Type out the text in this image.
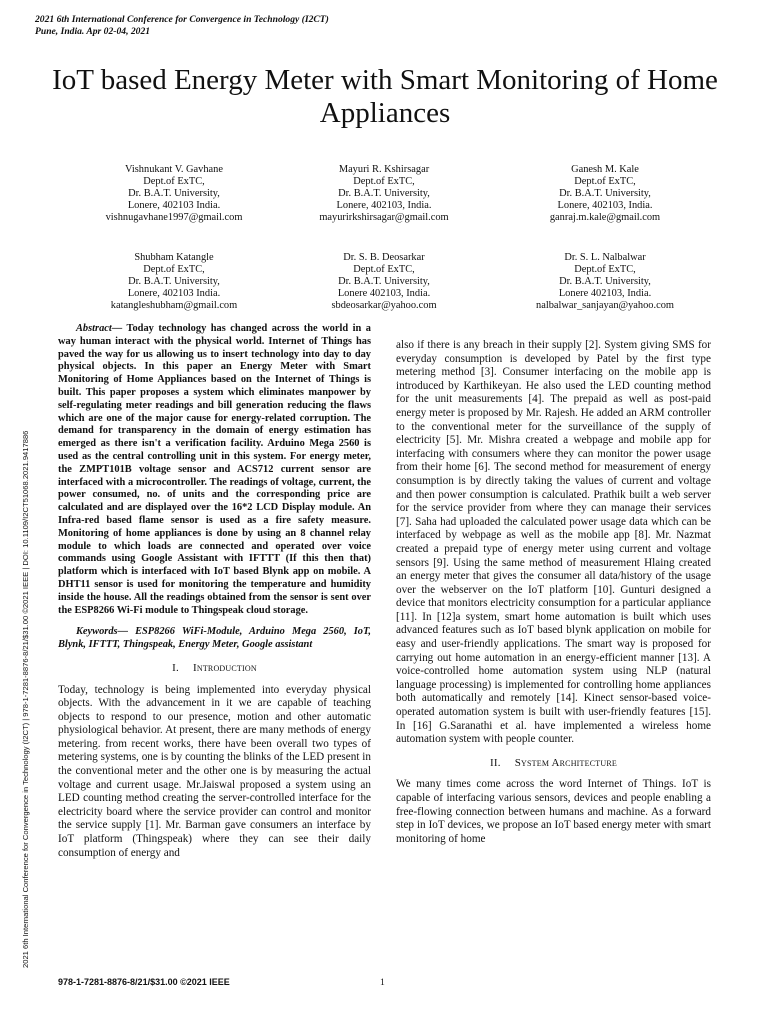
2021 6th International Conference for Convergence in Technology (I2CT)
Pune, India. Apr 02-04, 2021
IoT based Energy Meter with Smart Monitoring of Home Appliances
Vishnukant V. Gavhane
Dept.of ExTC,
Dr. B.A.T. University,
Lonere, 402103 India.
vishnugavhane1997@gmail.com
Mayuri R. Kshirsagar
Dept.of ExTC,
Dr. B.A.T. University,
Lonere, 402103, India.
mayurirkshirsagar@gmail.com
Ganesh M. Kale
Dept.of ExTC,
Dr. B.A.T. University,
Lonere, 402103, India.
ganraj.m.kale@gmail.com
Shubham Katangle
Dept.of ExTC,
Dr. B.A.T. University,
Lonere, 402103 India.
katangleshubham@gmail.com
Dr. S. B. Deosarkar
Dept.of ExTC,
Dr. B.A.T. University,
Lonere 402103, India.
sbdeosarkar@yahoo.com
Dr. S. L. Nalbalwar
Dept.of ExTC,
Dr. B.A.T. University,
Lonere 402103, India.
nalbalwar_sanjayan@yahoo.com
2021 6th International Conference for Convergence in Technology (I2CT) | 978-1-7281-8876-8/21/$31.00 ©2021 IEEE | DOI: 10.1109/I2CT51068.2021.9417886

Abstract— Today technology has changed across the world in a way human interact with the physical world. Internet of Things has paved the way for us allowing us to insert technology into day to day physical objects. In this paper an Energy Meter with Smart Monitoring of Home Appliances based on the Internet of Things is built. This paper proposes a system which eliminates manpower by self-regulating meter readings and bill generation reducing the flaws which are one of the major cause for energy-related corruption. The demand for transparency in the domain of energy estimation has emerged as there isn't a verification facility. Arduino Mega 2560 is used as the central controlling unit in this system. For energy meter, the ZMPT101B voltage sensor and ACS712 current sensor are interfaced with a microcontroller. The readings of voltage, current, the power consumed, no. of units and the corresponding price are calculated and are displayed over the 16*2 LCD Display module. An Infra-red based flame sensor is used as a fire safety measure. Monitoring of home appliances is done by using an 8 channel relay module to which loads are connected and operated over voice commands using Google Assistant with IFTTT (If this then that) platform which is interfaced with IoT based Blynk app on mobile. A DHT11 sensor is used for monitoring the temperature and humidity inside the house. All the readings obtained from the sensor is sent over the ESP8266 Wi-Fi module to Thingspeak cloud storage.

Keywords— ESP8266 WiFi-Module, Arduino Mega 2560, IoT, Blynk, IFTTT, Thingspeak, Energy Meter, Google assistant

I. Introduction

Today, technology is being implemented into everyday physical objects. With the advancement in it we are capable of teaching objects to respond to our presence, motion and other automatic physiological behavior. At present, there are many methods of energy metering. from recent works, there have been overall two types of metering systems, one is by counting the blinks of the LED present in the conventional meter and the other one is by measuring the actual voltage and current usage. Mr.Jaiswal proposed a system using an LED counting method creating the server-controlled interface for the electricity board where the service provider can control and monitor the service supply [1]. Mr. Barman gave consumers an interface by IoT platform (Thingspeak) where they can see their daily consumption of energy and

also if there is any breach in their supply [2]. System giving SMS for everyday consumption is developed by Patel by the first type metering method [3]. Consumer interfacing on the mobile app is introduced by Karthikeyan. He also used the LED counting method for the unit measurements [4]. The prepaid as well as post-paid energy meter is proposed by Mr. Rajesh. He added an ARM controller to the conventional meter for the surveillance of the supply of electricity [5]. Mr. Mishra created a webpage and mobile app for interfacing with consumers where they can monitor the power usage from their home [6]. The second method for measurement of energy consumption is by directly taking the values of current and voltage and then power consumption is calculated. Prathik built a web server for the service provider from where they can manage their services [7]. Saha had uploaded the calculated power usage data which can be interfaced by webpage as well as the mobile app [8]. Mr. Nazmat created a prepaid type of energy meter using current and voltage sensors [9]. Using the same method of measurement Hlaing created an energy meter that gives the consumer all data/history of the usage over the webserver on the IoT platform [10]. Gunturi designed a device that monitors electricity consumption for a particular appliance [11]. In [12]a system, smart home automation is built which uses advanced features such as IoT based blynk application on mobile for easy and user-friendly applications. The smart way is proposed for carrying out home automation in an energy-efficient manner [13]. A voice-controlled home automation system using NLP (natural language processing) is implemented for controlling home appliances both automatically and remotely [14]. Kinect sensor-based voice-operated automation system is built with user-friendly features [15]. In [16] G.Saranathi et al. have implemented a wireless home automation system with people counter.

II. System Architecture

We many times come across the word Internet of Things. IoT is capable of interfacing various sensors, devices and people enabling a free-flowing connection between humans and machine. As a forward step in IoT devices, we propose an IoT based energy meter with smart monitoring of home

978-1-7281-8876-8/21/$31.00 ©2021 IEEE	1
